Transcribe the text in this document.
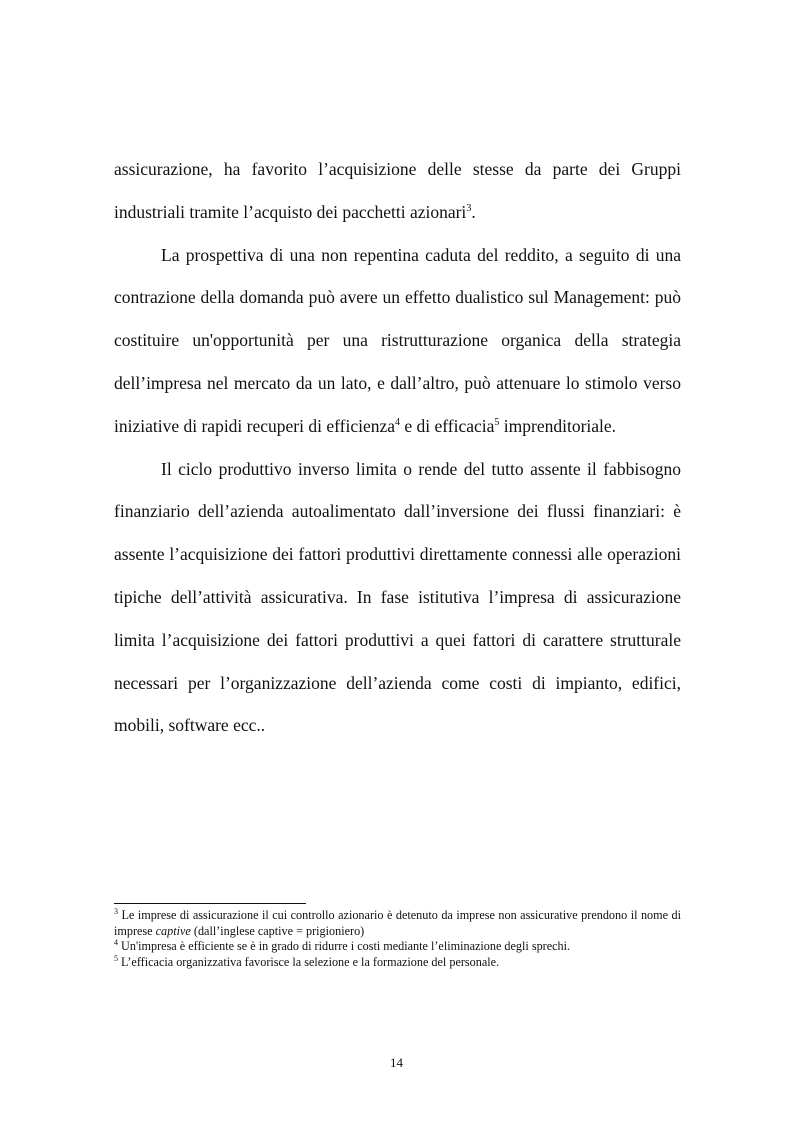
assicurazione, ha favorito l’acquisizione delle stesse da parte dei Gruppi industriali tramite l’acquisto dei pacchetti azionari$^3$.

La prospettiva di una non repentina caduta del reddito, a seguito di una contrazione della domanda può avere un effetto dualistico sul Management: può costituire un'opportunità per una ristrutturazione organica della strategia dell’impresa nel mercato da un lato, e dall’altro, può attenuare lo stimolo verso iniziative di rapidi recuperi di efficienza$^4$ e di efficacia$^5$ imprenditoriale.

Il ciclo produttivo inverso limita o rende del tutto assente il fabbisogno finanziario dell’azienda autoalimentato dall’inversione dei flussi finanziari: è assente l’acquisizione dei fattori produttivi direttamente connessi alle operazioni tipiche dell’attività assicurativa. In fase istitutiva l’impresa di assicurazione limita l’acquisizione dei fattori produttivi a quei fattori di carattere strutturale necessari per l’organizzazione dell’azienda come costi di impianto, edifici, mobili, software ecc..

$^3$ Le imprese di assicurazione il cui controllo azionario è detenuto da imprese non assicurative prendono il nome di imprese captive (dall’inglese captive = prigioniero)

$^4$ Un'impresa è efficiente se è in grado di ridurre i costi mediante l’eliminazione degli sprechi.

$^5$ L’efficacia organizzativa favorisce la selezione e la formazione del personale.

14
